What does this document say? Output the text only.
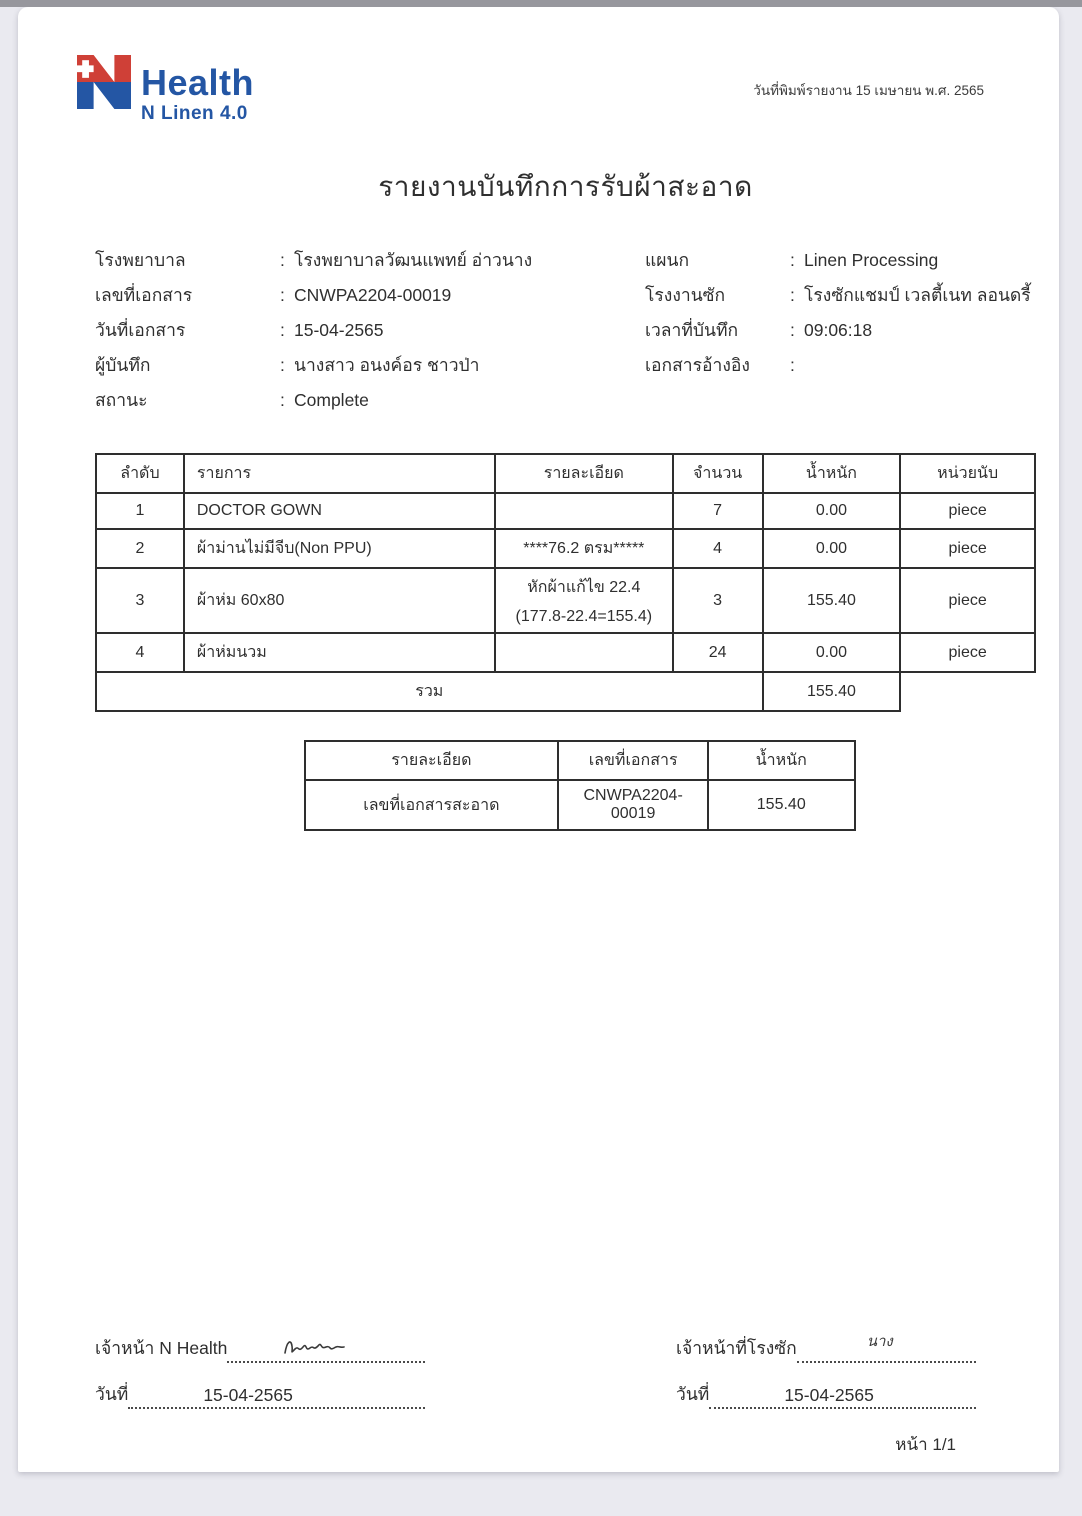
Health
N Linen 4.0
วันที่พิมพ์รายงาน 15 เมษายน พ.ศ. 2565
รายงานบันทึกการรับผ้าสะอาด
โรงพยาบาล	: โรงพยาบาลวัฒนแพทย์ อ่าวนาง
เลขที่เอกสาร	: CNWPA2204-00019
วันที่เอกสาร	: 15-04-2565
ผู้บันทึก	: นางสาว อนงค์อร ชาวป่า
สถานะ	: Complete
แผนก	: Linen Processing
โรงงานซัก	: โรงซักแชมป์ เวลตี้เนท ลอนดรี้
เวลาที่บันทึก	: 09:06:18
เอกสารอ้างอิง	:
ลำดับ	รายการ	รายละเอียด	จำนวน	น้ำหนัก	หน่วยนับ
1	DOCTOR GOWN		7	0.00	piece
2	ผ้าม่านไม่มีจีบ(Non PPU)	****76.2 ตรม*****	4	0.00	piece
3	ผ้าห่ม 60x80	หักผ้าแก้ไข 22.4
(177.8-22.4=155.4)	3	155.40	piece
4	ผ้าห่มนวม		24	0.00	piece
รวม				155.40	
รายละเอียด	เลขที่เอกสาร	น้ำหนัก
เลขที่เอกสารสะอาด	CNWPA2204-00019	155.40
เจ้าหน้า N Health
วันที่	15-04-2565
เจ้าหน้าที่โรงซัก	นาง
วันที่	15-04-2565
หน้า 1/1
